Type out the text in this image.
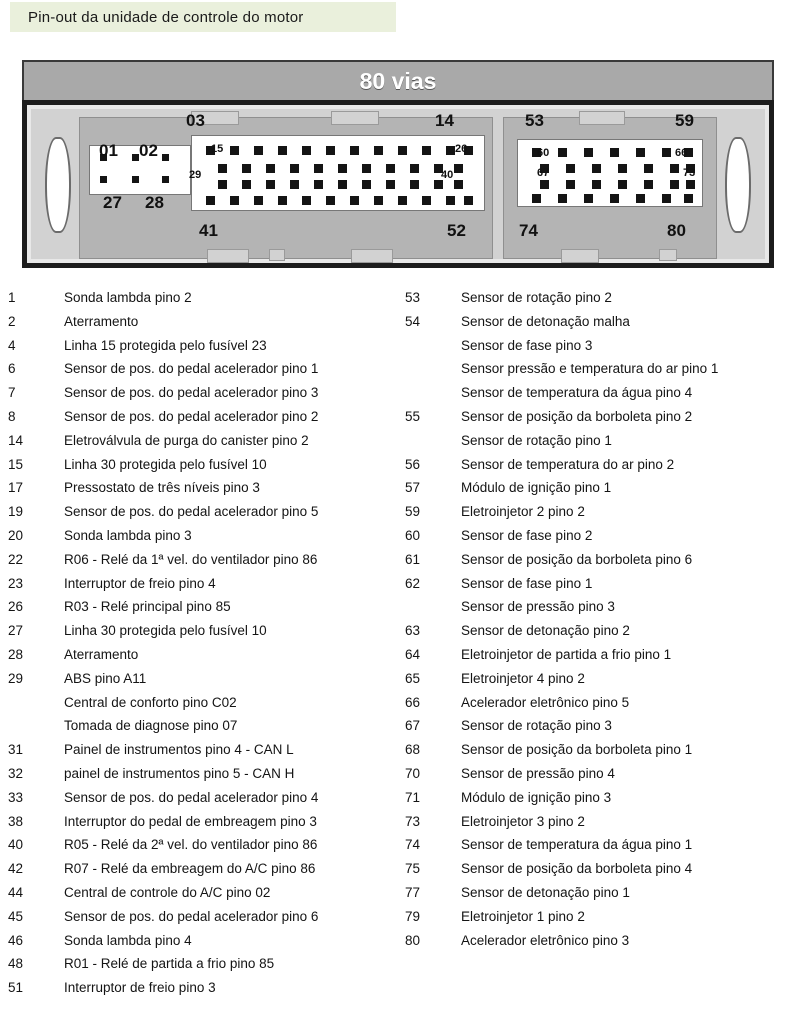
Pin-out da unidade de controle do motor
80 vias
01 02
03	14
15	26
27 28
29	40
41	52
53	59
60	66
67	73
74	80
1	Sonda lambda pino 2
2	Aterramento
4	Linha 15 protegida pelo fusível 23
6	Sensor de pos. do pedal acelerador pino 1
7	Sensor de pos. do pedal acelerador pino 3
8	Sensor de pos. do pedal acelerador pino 2
14	Eletroválvula de purga do canister pino 2
15	Linha 30 protegida pelo fusível 10
17	Pressostato de três níveis pino 3
19	Sensor de pos. do pedal acelerador pino 5
20	Sonda lambda pino 3
22	R06 - Relé da 1ª vel. do ventilador pino 86
23	Interruptor de freio pino 4
26	R03 - Relé principal pino 85
27	Linha 30 protegida pelo fusível 10
28	Aterramento
29	ABS pino A11
Central de conforto pino C02
Tomada de diagnose pino 07
31	Painel de instrumentos pino 4 - CAN L
32	painel de instrumentos pino 5 - CAN H
33	Sensor de pos. do pedal acelerador pino 4
38	Interruptor do pedal de embreagem pino 3
40	R05 - Relé da 2ª vel. do ventilador pino 86
42	R07 - Relé da embreagem do A/C pino 86
44	Central de controle do A/C pino 02
45	Sensor de pos. do pedal acelerador pino 6
46	Sonda lambda pino 4
48	R01 - Relé de partida a frio pino 85
51	Interruptor de freio pino 3
53	Sensor de rotação pino 2
54	Sensor de detonação malha
Sensor de fase pino 3
Sensor pressão e temperatura do ar pino 1
Sensor de temperatura da água pino 4
55	Sensor de posição da borboleta pino 2
Sensor de rotação pino 1
56	Sensor de temperatura do ar pino 2
57	Módulo de ignição pino 1
59	Eletroinjetor 2 pino 2
60	Sensor de fase pino 2
61	Sensor de posição da borboleta pino 6
62	Sensor de fase pino 1
Sensor de pressão pino 3
63	Sensor de detonação pino 2
64	Eletroinjetor de partida a frio pino 1
65	Eletroinjetor 4 pino 2
66	Acelerador eletrônico pino 5
67	Sensor de rotação pino 3
68	Sensor de posição da borboleta pino 1
70	Sensor de pressão pino 4
71	Módulo de ignição pino 3
73	Eletroinjetor 3 pino 2
74	Sensor de temperatura da água pino 1
75	Sensor de posição da borboleta pino 4
77	Sensor de detonação pino 1
79	Eletroinjetor 1 pino 2
80	Acelerador eletrônico pino 3
